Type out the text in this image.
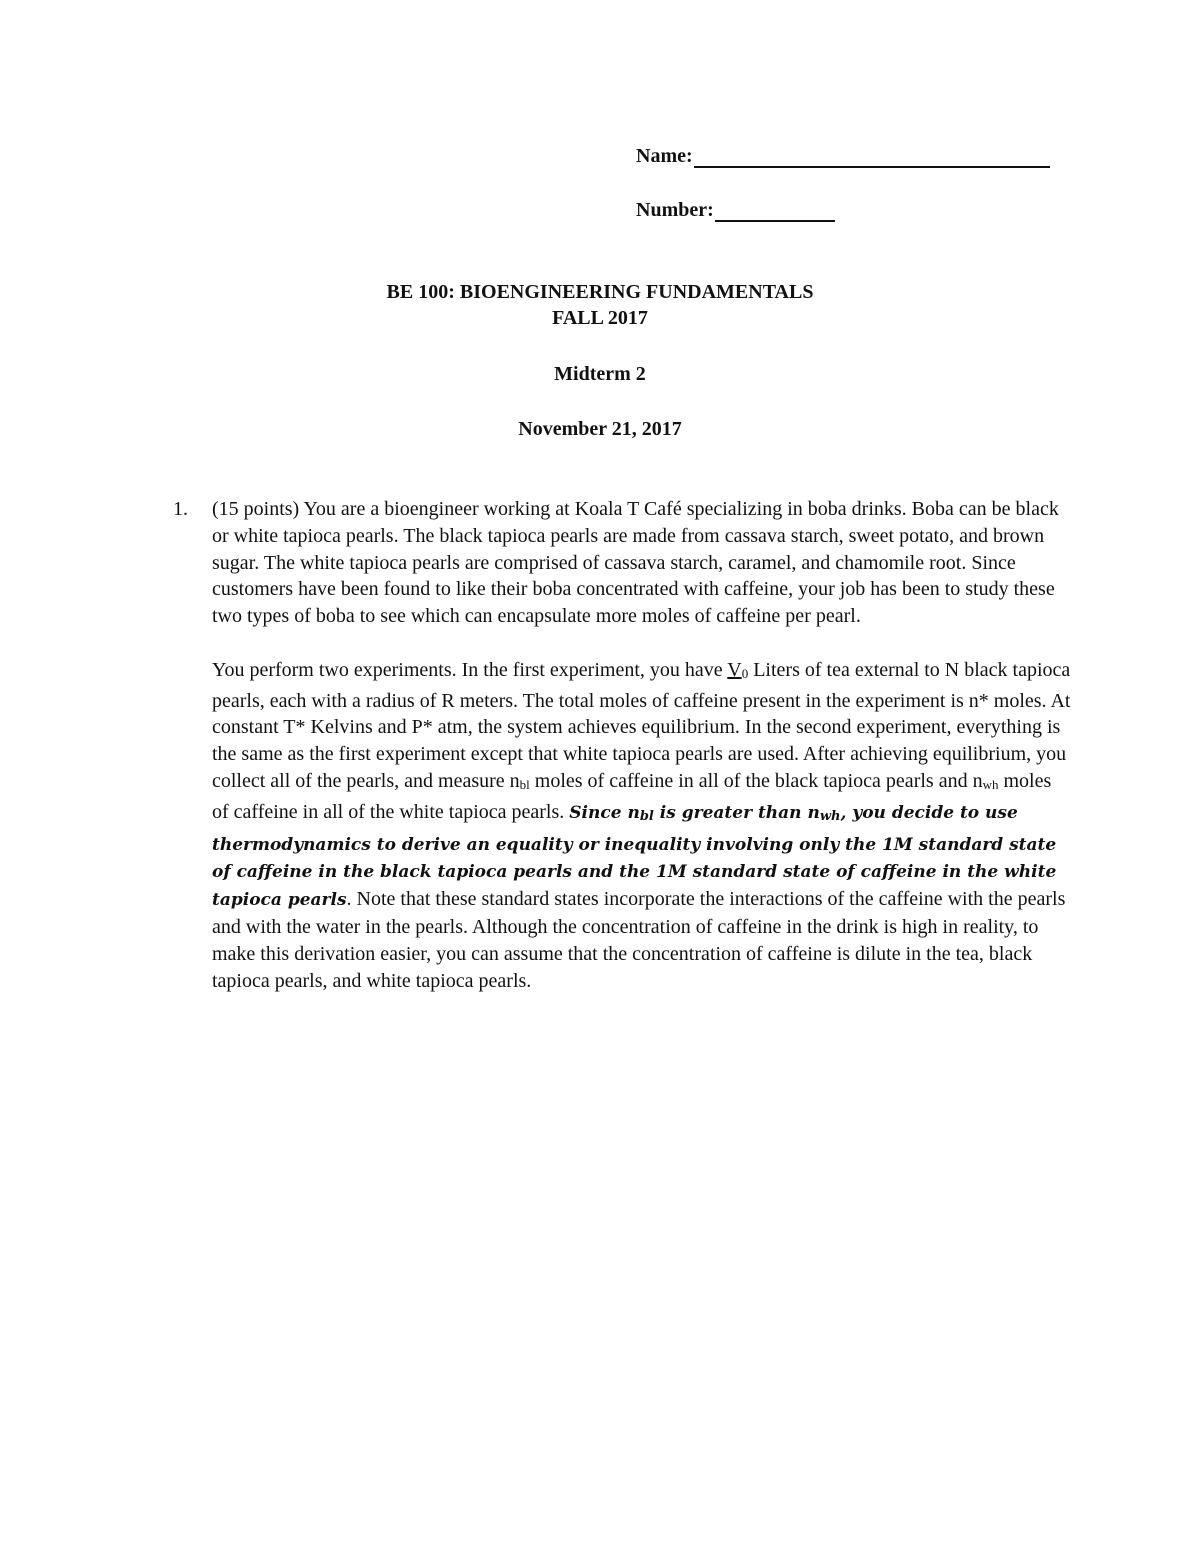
Name:
Number:
BE 100: BIOENGINEERING FUNDAMENTALS
FALL 2017
Midterm 2
November 21, 2017
1. (15 points) You are a bioengineer working at Koala T Café specializing in boba drinks. Boba can be black or white tapioca pearls. The black tapioca pearls are made from cassava starch, sweet potato, and brown sugar. The white tapioca pearls are comprised of cassava starch, caramel, and chamomile root. Since customers have been found to like their boba concentrated with caffeine, your job has been to study these two types of boba to see which can encapsulate more moles of caffeine per pearl.

You perform two experiments. In the first experiment, you have V0 Liters of tea external to N black tapioca pearls, each with a radius of R meters. The total moles of caffeine present in the experiment is n* moles. At constant T* Kelvins and P* atm, the system achieves equilibrium. In the second experiment, everything is the same as the first experiment except that white tapioca pearls are used. After achieving equilibrium, you collect all of the pearls, and measure nbl moles of caffeine in all of the black tapioca pearls and nwh moles of caffeine in all of the white tapioca pearls. Since nbl is greater than nwh, you decide to use thermodynamics to derive an equality or inequality involving only the 1M standard state of caffeine in the black tapioca pearls and the 1M standard state of caffeine in the white tapioca pearls. Note that these standard states incorporate the interactions of the caffeine with the pearls and with the water in the pearls. Although the concentration of caffeine in the drink is high in reality, to make this derivation easier, you can assume that the concentration of caffeine is dilute in the tea, black tapioca pearls, and white tapioca pearls.
